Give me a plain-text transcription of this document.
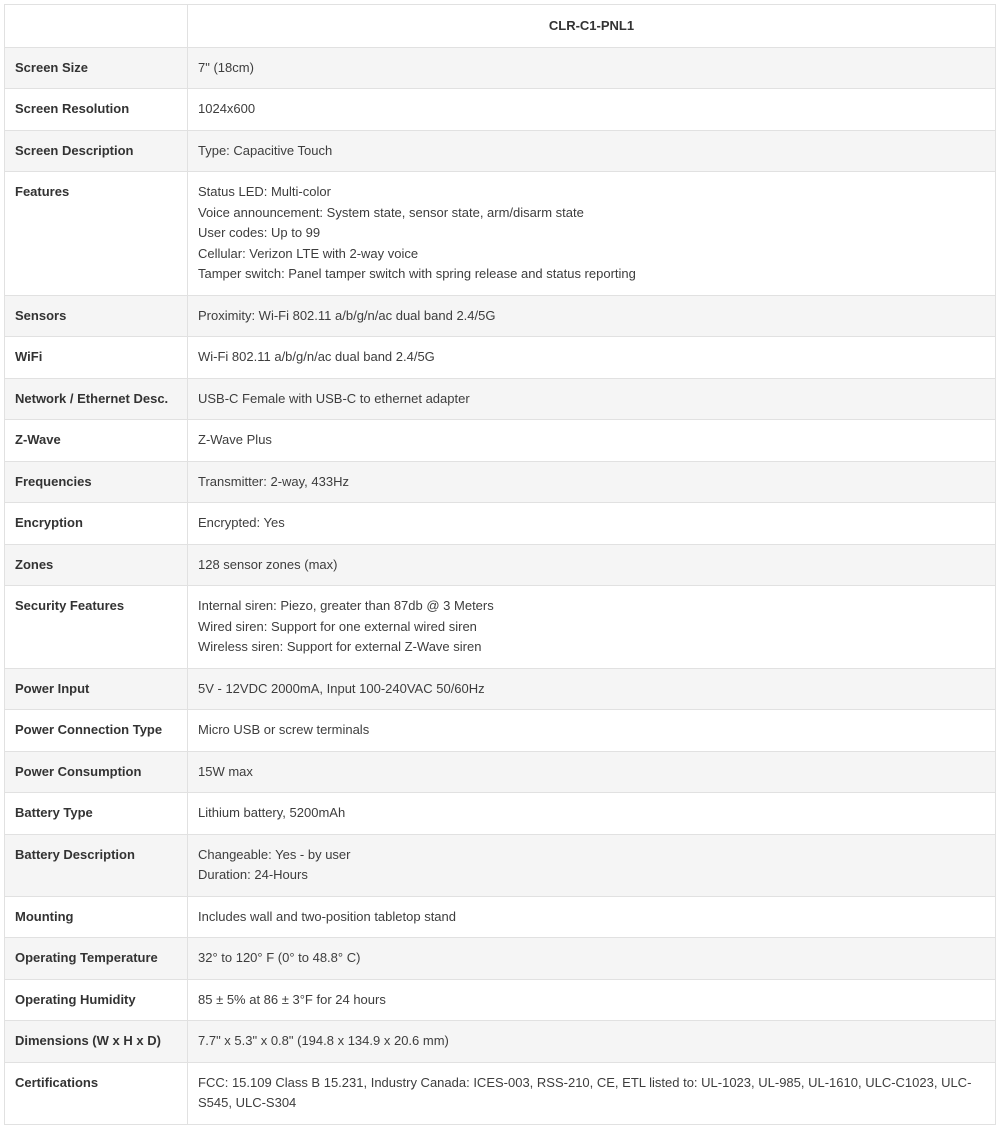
	CLR-C1-PNL1
Screen Size	7" (18cm)

Screen Resolution	1024x600

Screen Description	Type: Capacitive Touch

Features	Status LED: Multi-color
Voice announcement: System state, sensor state, arm/disarm state
User codes: Up to 99
Cellular: Verizon LTE with 2-way voice
Tamper switch: Panel tamper switch with spring release and status reporting

Sensors	Proximity: Wi-Fi 802.11 a/b/g/n/ac dual band 2.4/5G

WiFi	Wi-Fi 802.11 a/b/g/n/ac dual band 2.4/5G

Network / Ethernet Desc.	USB-C Female with USB-C to ethernet adapter

Z-Wave	Z-Wave Plus

Frequencies	Transmitter: 2-way, 433Hz

Encryption	Encrypted: Yes

Zones	128 sensor zones (max)

Security Features	Internal siren: Piezo, greater than 87db @ 3 Meters
Wired siren: Support for one external wired siren
Wireless siren: Support for external Z-Wave siren

Power Input	5V - 12VDC 2000mA, Input 100-240VAC 50/60Hz

Power Connection Type	Micro USB or screw terminals

Power Consumption	15W max

Battery Type	Lithium battery, 5200mAh

Battery Description	Changeable: Yes - by user
Duration: 24-Hours

Mounting	Includes wall and two-position tabletop stand

Operating Temperature	32° to 120° F (0° to 48.8° C)

Operating Humidity	85 ± 5% at 86 ± 3°F for 24 hours

Dimensions (W x H x D)	7.7" x 5.3" x 0.8" (194.8 x 134.9 x 20.6 mm)

Certifications	FCC: 15.109 Class B 15.231, Industry Canada: ICES-003, RSS-210, CE, ETL listed to: UL-1023, UL-985, UL-1610, ULC-C1023, ULC-S545, ULC-S304
